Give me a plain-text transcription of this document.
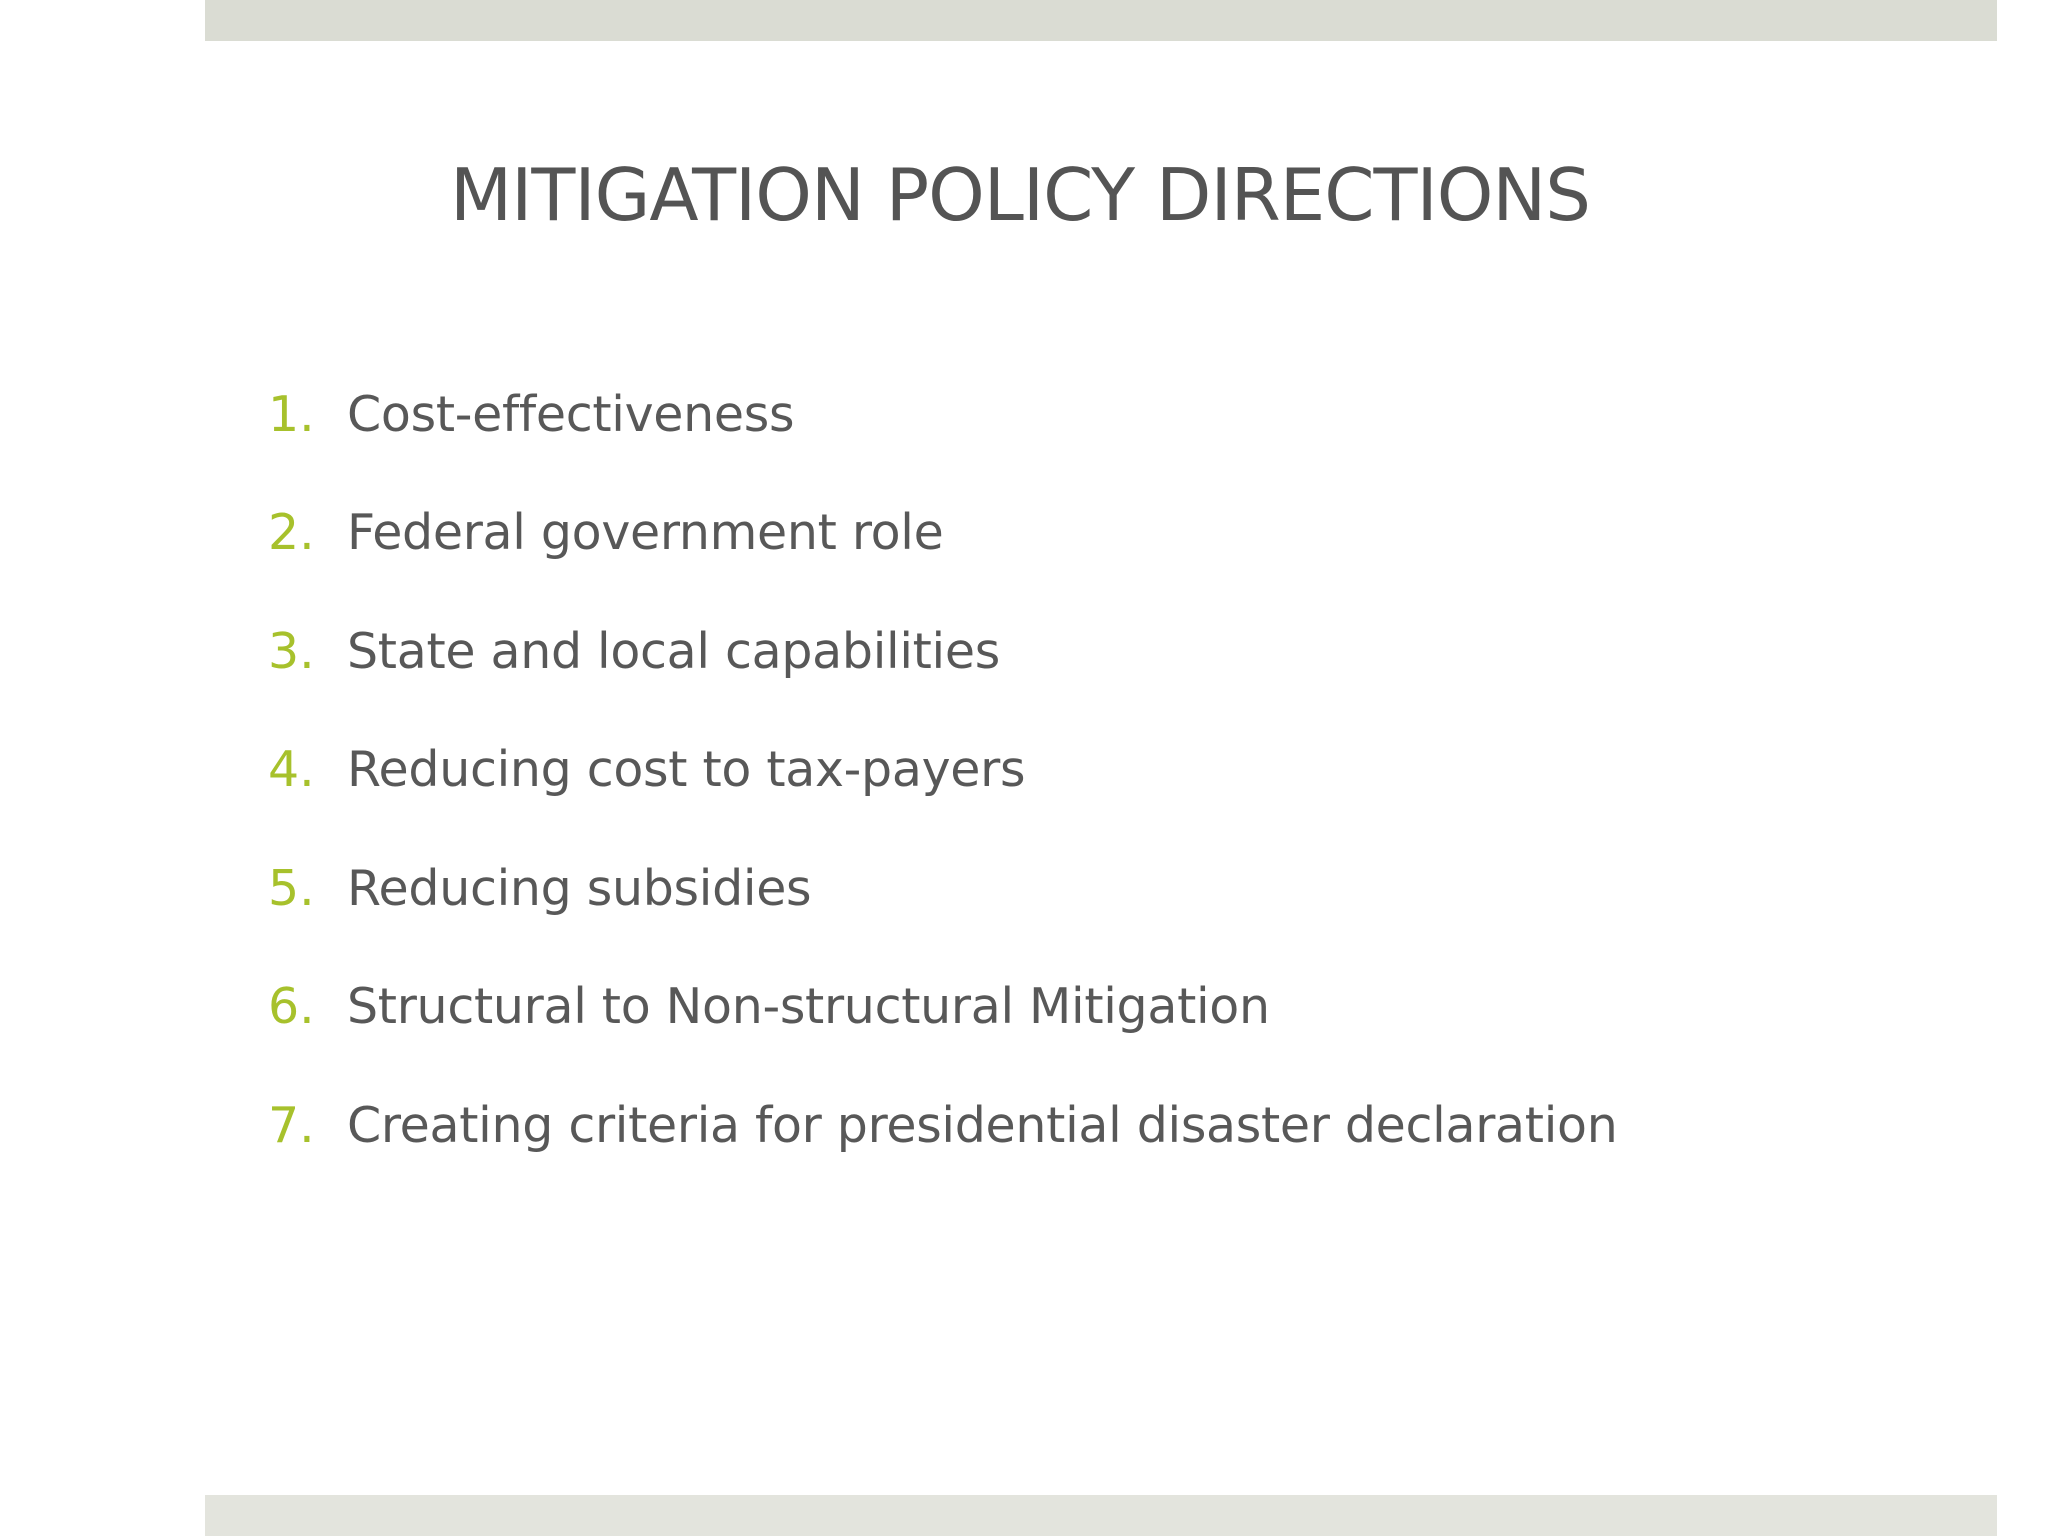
MITIGATION POLICY DIRECTIONS
1. Cost-effectiveness
2. Federal government role
3. State and local capabilities
4. Reducing cost to tax-payers
5. Reducing subsidies
6. Structural to Non-structural Mitigation
7. Creating criteria for presidential disaster declaration
